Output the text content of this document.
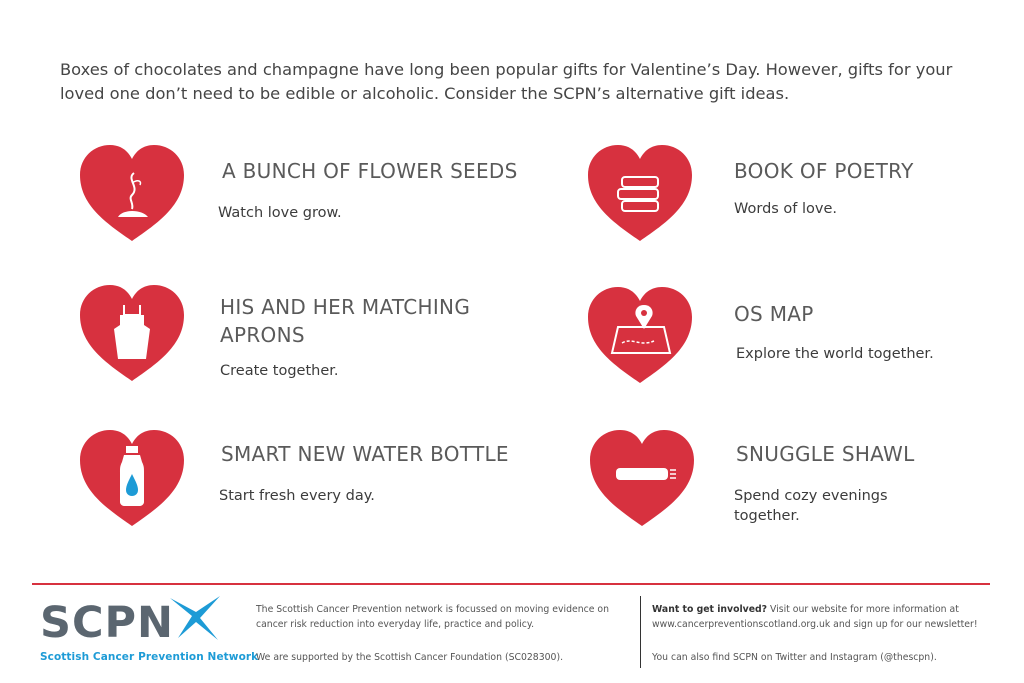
Boxes of chocolates and champagne have long been popular gifts for Valentine’s Day. However, gifts for your loved one don’t need to be edible or alcoholic. Consider the SCPN’s alternative gift ideas.

A BUNCH OF FLOWER SEEDS
Watch love grow.
BOOK OF POETRY
Words of love.
HIS AND HER MATCHING APRONS
Create together.
OS MAP
Explore the world together.
SMART NEW WATER BOTTLE
Start fresh every day.
SNUGGLE SHAWL
Spend cozy evenings together.
SCPN
Scottish Cancer Prevention Network
The Scottish Cancer Prevention network is focussed on moving evidence on cancer risk reduction into everyday life, practice and policy.
We are supported by the Scottish Cancer Foundation (SC028300).
Want to get involved? Visit our website for more information at www.cancerpreventionscotland.org.uk and sign up for our newsletter!
You can also find SCPN on Twitter and Instagram (@thescpn).
